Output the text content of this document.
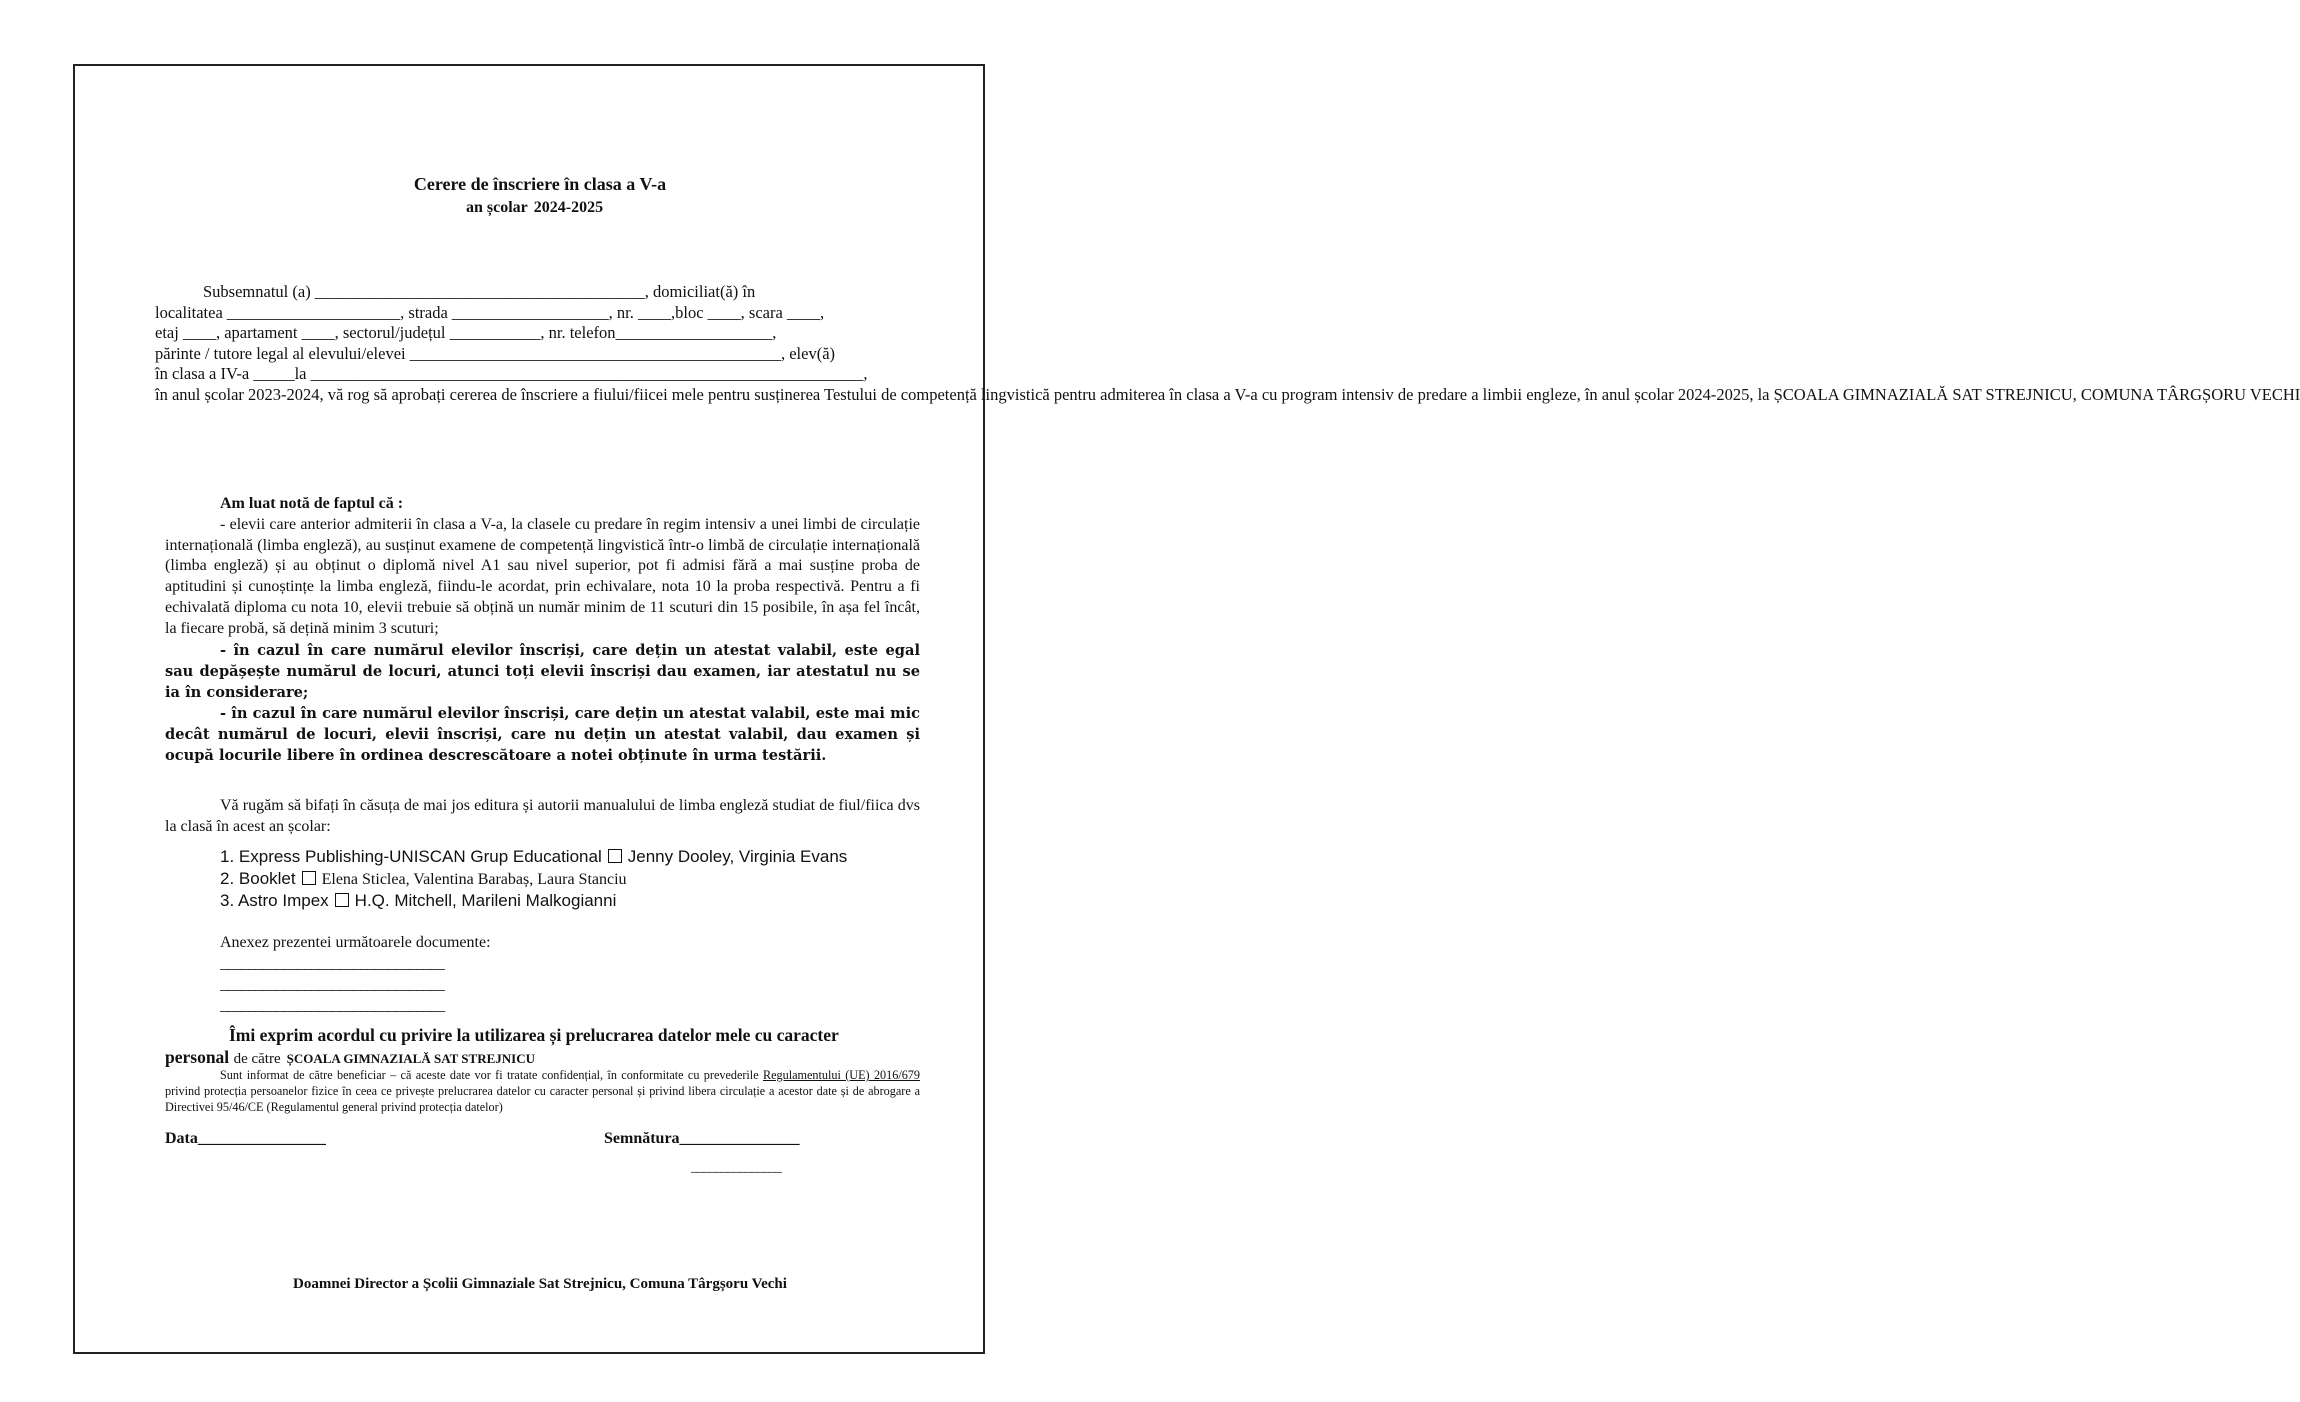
Cerere de înscriere în clasa a V-a
an școlar 2024-2025
Subsemnatul (a) ________________________________________, domiciliat(ă) în
localitatea _____________________, strada ___________________, nr. ____,bloc ____, scara ____,
etaj ____, apartament ____, sectorul/județul ___________, nr. telefon___________________,
părinte / tutore legal al elevului/elevei _____________________________________________, elev(ă)
în clasa a IV-a _____la ___________________________________________________________________,
în anul școlar 2023-2024, vă rog să aprobați cererea de înscriere a fiului/fiicei mele pentru susținerea Testului de competență lingvistică pentru admiterea în clasa a V-a cu program intensiv de predare a limbii engleze, în anul școlar 2024-2025, la ȘCOALA GIMNAZIALĂ SAT STREJNICU, COMUNA TÂRGȘORU VECHI
Am luat notă de faptul că :

- elevii care anterior admiterii în clasa a V-a, la clasele cu predare în regim intensiv a unei limbi de circulație internațională (limba engleză), au susținut examene de competență lingvistică într-o limbă de circulație internațională (limba engleză) și au obținut o diplomă nivel A1 sau nivel superior, pot fi admisi fără a mai susține proba de aptitudini și cunoștințe la limba engleză, fiindu-le acordat, prin echivalare, nota 10 la proba respectivă. Pentru a fi echivalată diploma cu nota 10, elevii trebuie să obțină un număr minim de 11 scuturi din 15 posibile, în așa fel încât, la fiecare probă, să dețină minim 3 scuturi;

- în cazul în care numărul elevilor înscriși, care dețin un atestat valabil, este egal sau depășește numărul de locuri, atunci toți elevii înscriși dau examen, iar atestatul nu se ia în considerare;

- în cazul în care numărul elevilor înscriși, care dețin un atestat valabil, este mai mic decât numărul de locuri, elevii înscriși, care nu dețin un atestat valabil, dau examen și ocupă locurile libere în ordinea descrescătoare a notei obținute în urma testării.

Vă rugăm să bifați în căsuța de mai jos editura și autorii manualului de limba engleză studiat de fiul/fiica dvs la clasă în acest an școlar:
1. Express Publishing-UNISCAN Grup Educational Jenny Dooley, Virginia Evans
2. Booklet Elena Sticlea, Valentina Barabaș, Laura Stanciu
3. Astro Impex H.Q. Mitchell, Marileni Malkogianni
Anexez prezentei următoarele documente:
________________________________
________________________________
________________________________
Îmi exprim acordul cu privire la utilizarea și prelucrarea datelor mele cu caracter
personal de către ȘCOALA GIMNAZIALĂ SAT STREJNICU
Sunt informat de către beneficiar – că aceste date vor fi tratate confidențial, în conformitate cu prevederile Regulamentului (UE) 2016/679 privind protecția persoanelor fizice în ceea ce privește prelucrarea datelor cu caracter personal și privind libera circulație a acestor date și de abrogare a Directivei 95/46/CE (Regulamentul general privind protecția datelor)
Data________________	Semnătura_______________
_______________
Doamnei Director a Școlii Gimnaziale Sat Strejnicu, Comuna Târgșoru Vechi
